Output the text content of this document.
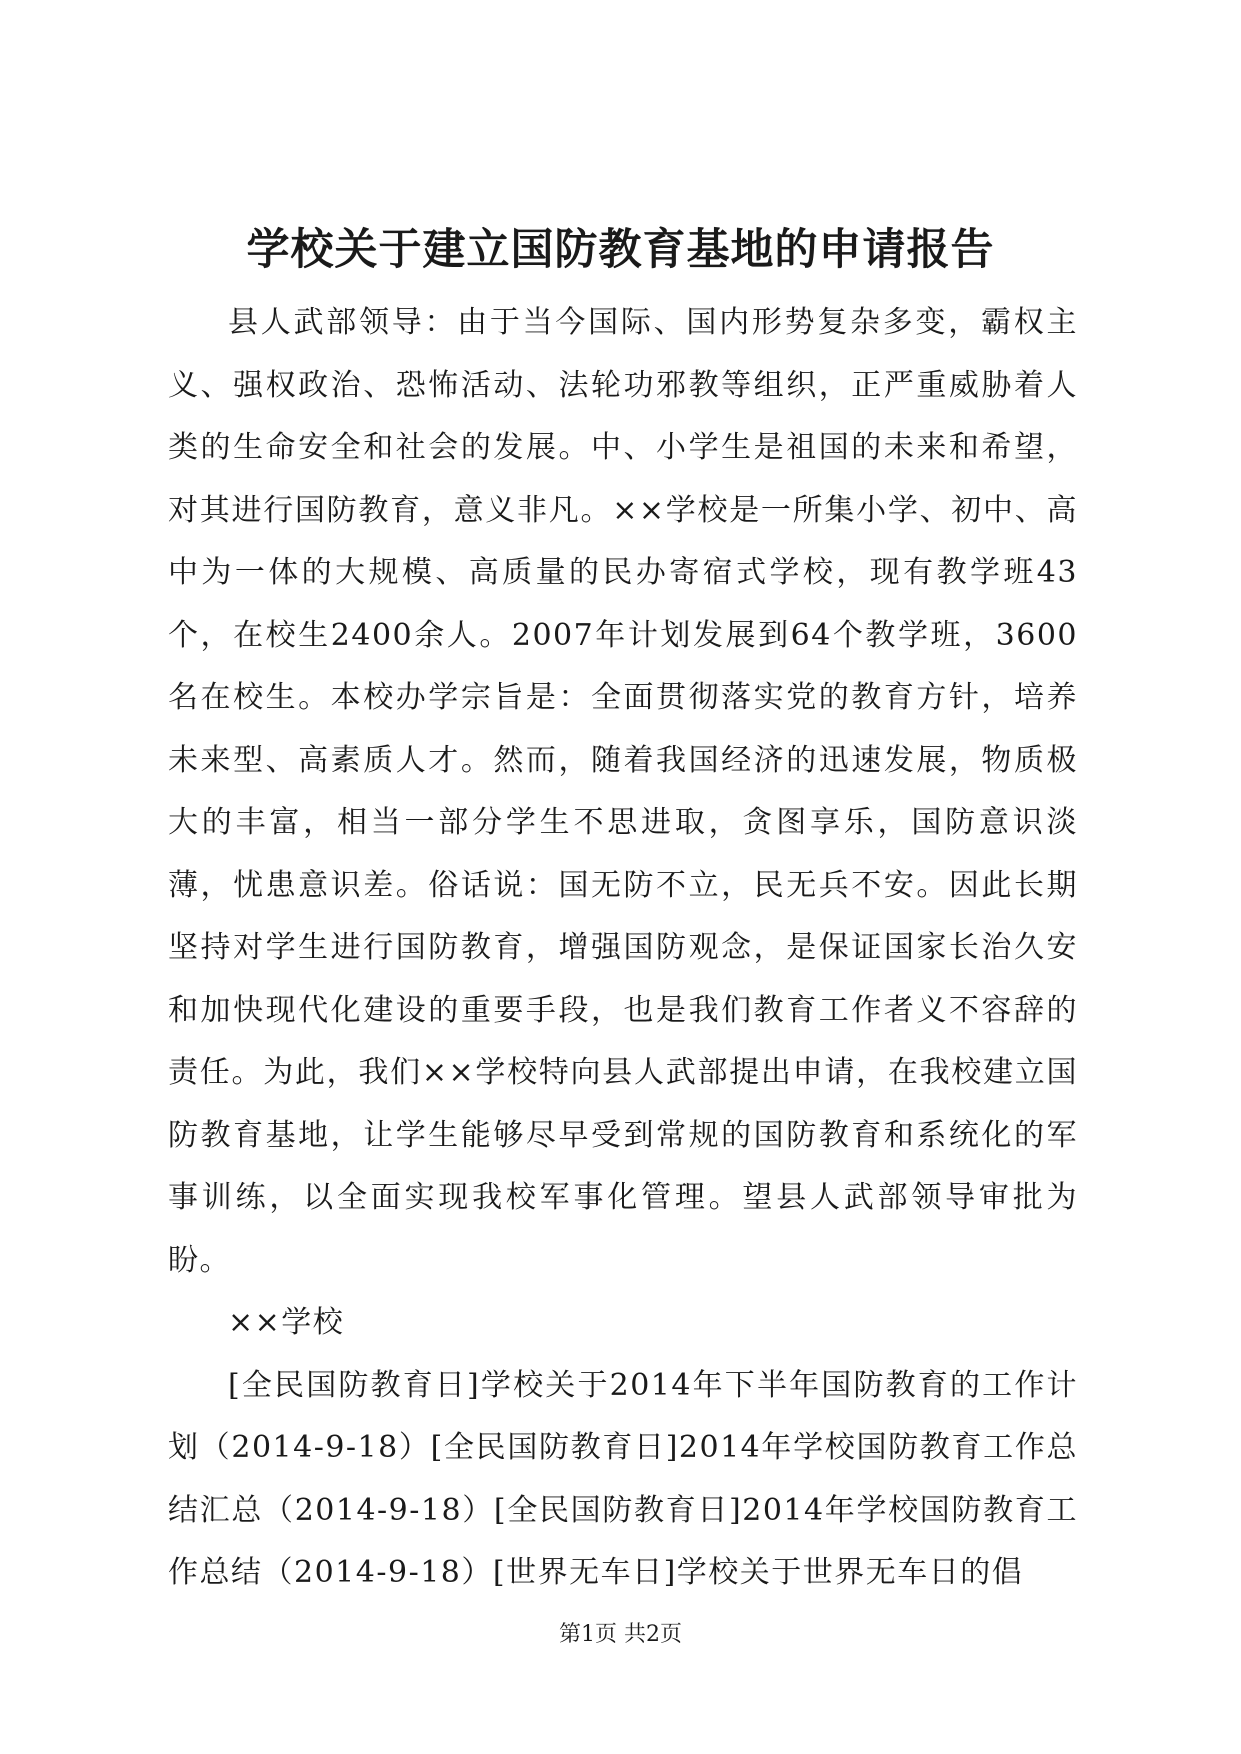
学校关于建立国防教育基地的申请报告

县人武部领导：由于当今国际、国内形势复杂多变，霸权主义、强权政治、恐怖活动、法轮功邪教等组织，正严重威胁着人类的生命安全和社会的发展。中、小学生是祖国的未来和希望，对其进行国防教育，意义非凡。××学校是一所集小学、初中、高中为一体的大规模、高质量的民办寄宿式学校，现有教学班43个，在校生2400余人。2007年计划发展到64个教学班，3600名在校生。本校办学宗旨是：全面贯彻落实党的教育方针，培养未来型、高素质人才。然而，随着我国经济的迅速发展，物质极大的丰富，相当一部分学生不思进取，贪图享乐，国防意识淡薄，忧患意识差。俗话说：国无防不立，民无兵不安。因此长期坚持对学生进行国防教育，增强国防观念，是保证国家长治久安和加快现代化建设的重要手段，也是我们教育工作者义不容辞的责任。为此，我们××学校特向县人武部提出申请，在我校建立国防教育基地，让学生能够尽早受到常规的国防教育和系统化的军事训练，以全面实现我校军事化管理。望县人武部领导审批为盼。

××学校

[全民国防教育日]学校关于2014年下半年国防教育的工作计划（2014-9-18）[全民国防教育日]2014年学校国防教育工作总结汇总（2014-9-18）[全民国防教育日]2014年学校国防教育工作总结（2014-9-18）[世界无车日]学校关于世界无车日的倡

第1页 共2页
